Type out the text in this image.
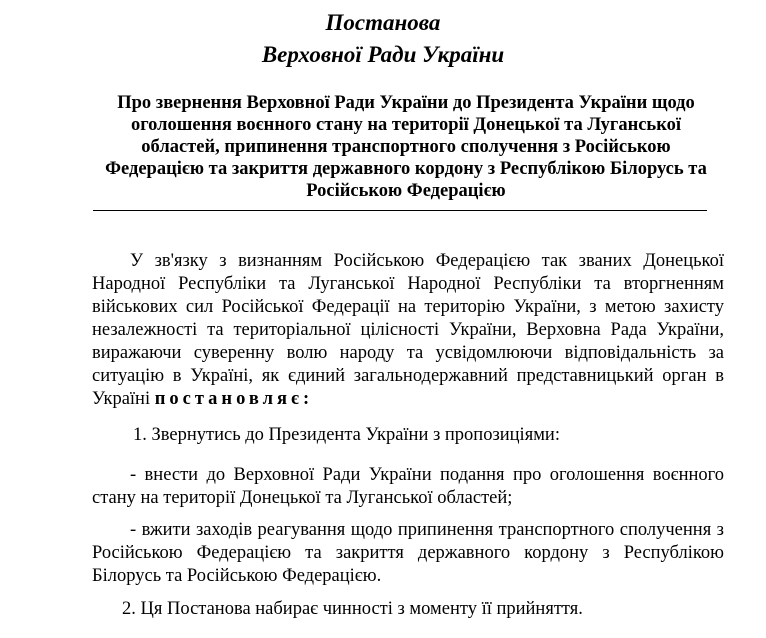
Постанова
Верховної Ради України
Про звернення Верховної Ради України до Президента України щодо оголошення воєнного стану на території Донецької та Луганської областей, припинення транспортного сполучення з Російською Федерацією та закриття державного кордону з Республікою Білорусь та Російською Федерацією
У зв'язку з визнанням Російською Федерацією так званих Донецької Народної Республіки та Луганської Народної Республіки та вторгненням військових сил Російської Федерації на територію України, з метою захисту незалежності та територіальної цілісності України, Верховна Рада України, виражаючи суверенну волю народу та усвідомлюючи відповідальність за ситуацію в Україні, як єдиний загальнодержавний представницький орган в Україні постановляє:
1. Звернутись до Президента України з пропозиціями:
- внести до Верховної Ради України подання про оголошення воєнного стану на території Донецької та Луганської областей;
- вжити заходів реагування щодо припинення транспортного сполучення з Російською Федерацією та закриття державного кордону з Республікою Білорусь та Російською Федерацією.
2. Ця Постанова набирає чинності з моменту її прийняття.
